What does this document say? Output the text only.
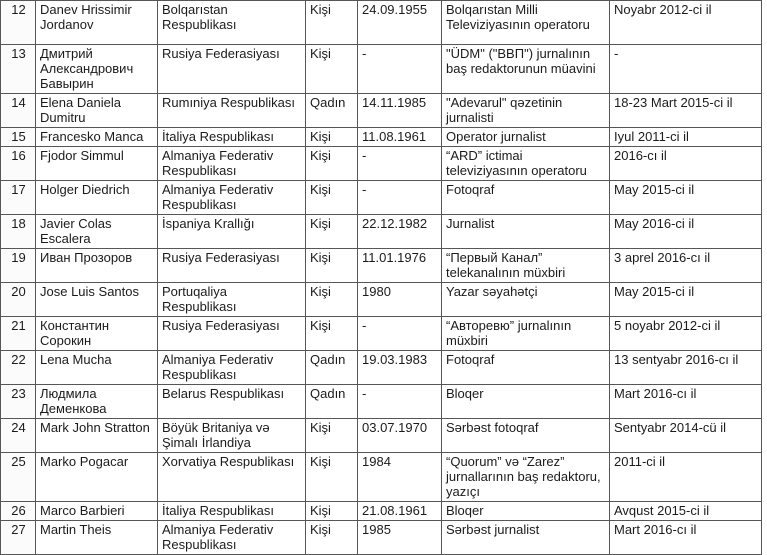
12	Danev Hrissimir Jordanov	Bolqarıstan Respublikası	Kişi	24.09.1955	Bolqarıstan Milli Televiziyasının operatoru	Noyabr 2012-ci il
13	Дмитрий Александрович Бавырин	Rusiya Federasiyası	Kişi	-	"ÜDM" ("ВВП") jurnalının baş redaktorunun müavini	-
14	Elena Daniela Dumitru	Rumıniya Respublikası	Qadın	14.11.1985	"Adevarul" qəzetinin jurnalisti	18-23 Mart 2015-ci il
15	Francesko Manca	İtaliya Respublikası	Kişi	11.08.1961	Operator jurnalist	Iyul 2011-ci il
16	Fjodor Simmul	Almaniya Federativ Respublikası	Kişi	-	“ARD” ictimai televiziyasının operatoru	2016-cı il
17	Holger Diedrich	Almaniya Federativ Respublikası	Kişi	-	Fotoqraf	May 2015-ci il
18	Javier Colas Escalera	İspaniya Krallığı	Kişi	22.12.1982	Jurnalist	May 2016-ci il
19	Иван Прозоров	Rusiya Federasiyası	Kişi	11.01.1976	“Первый Канал” telekanalının müxbiri	3 aprel 2016-cı il
20	Jose Luis Santos	Portuqaliya Respublikası	Kişi	1980	Yazar səyahətçi	May 2015-ci il
21	Константин Сорокин	Rusiya Federasiyası	Kişi	-	“Авторевю” jurnalının müxbiri	5 noyabr 2012-ci il
22	Lena Mucha	Almaniya Federativ Respublikası	Qadın	19.03.1983	Fotoqraf	13 sentyabr 2016-cı il
23	Людмила Деменкова	Belarus Respublikası	Qadın	-	Bloqer	Mart 2016-cı il
24	Mark John Stratton	Böyük Britaniya və Şimalı İrlandiya	Kişi	03.07.1970	Sərbəst fotoqraf	Sentyabr 2014-cü il
25	Marko Pogacar	Xorvatiya Respublikası	Kişi	1984	“Quorum” və “Zarez” jurnallarının baş redaktoru, yazıçı	2011-ci il
26	Marco Barbieri	İtaliya Respublikası	Kişi	21.08.1961	Bloqer	Avqust 2015-ci il
27	Martin Theis	Almaniya Federativ Respublikası	Kişi	1985	Sərbəst jurnalist	Mart 2016-cı il
